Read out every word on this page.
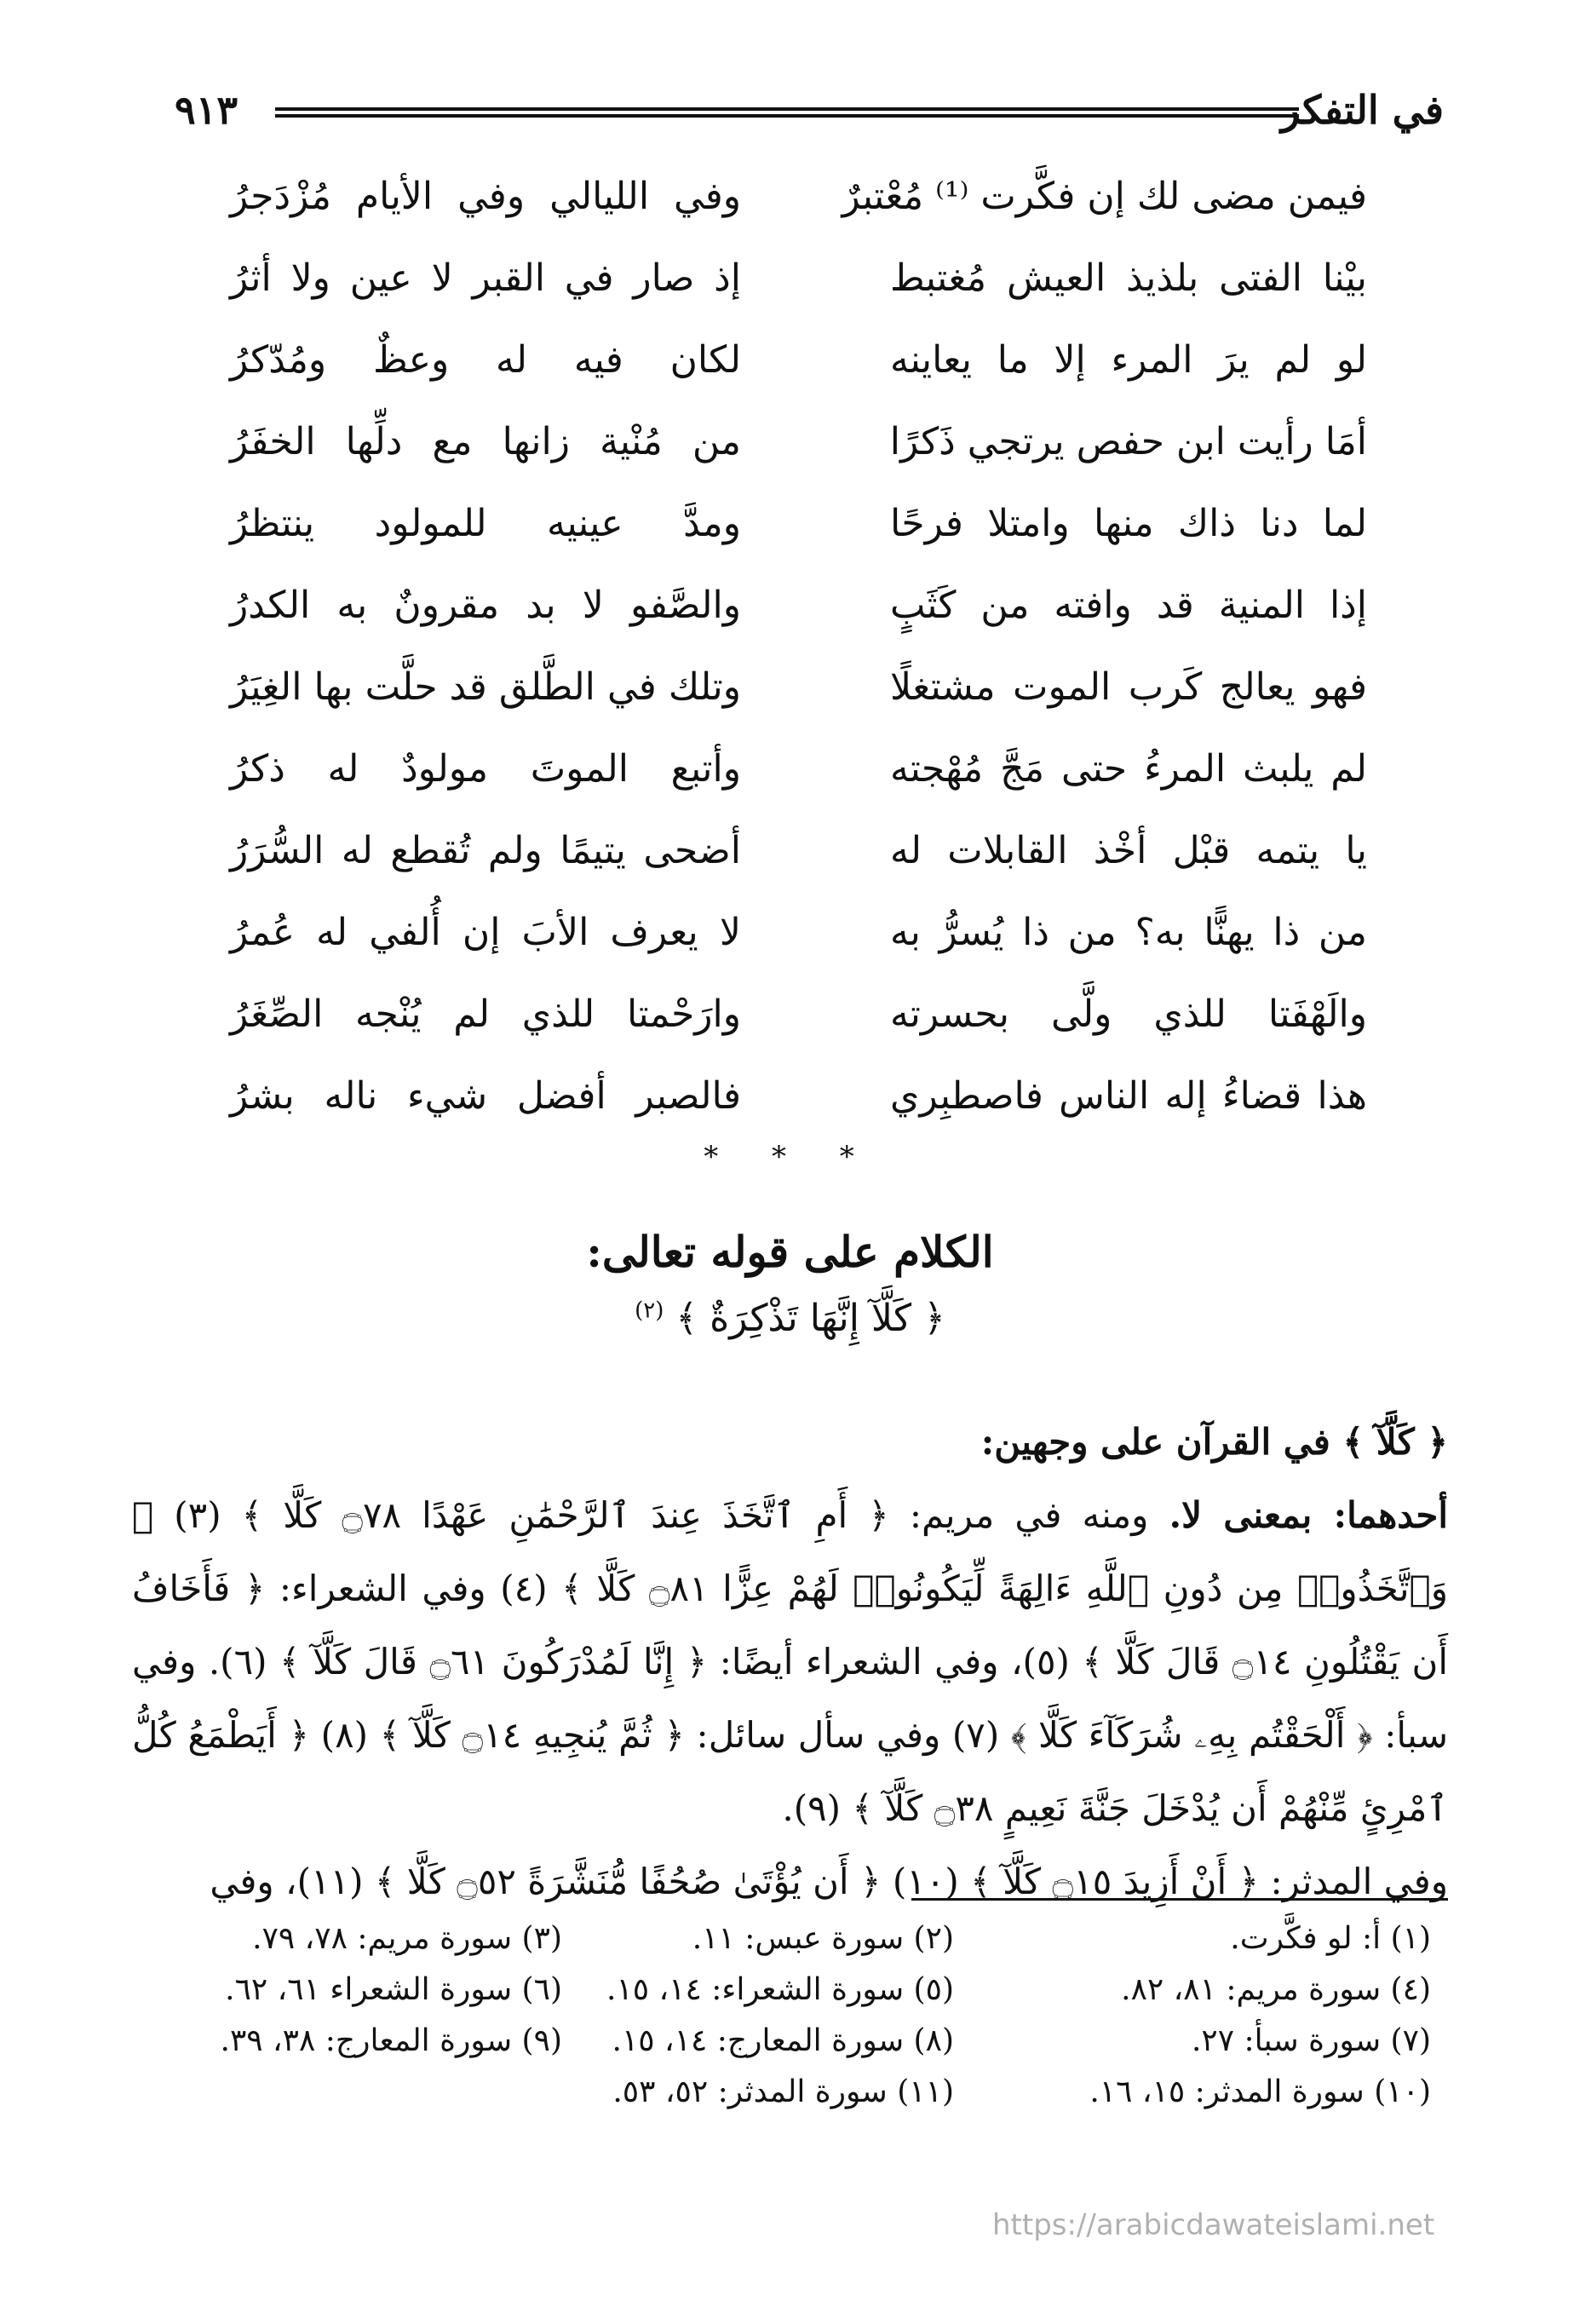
في التفكر
٩١٣
فيمن مضى لك إن فكَّرت ⁽¹⁾ مُعْتبرٌ
وفي الليالي وفي الأيام مُزْدَجرُ
بيْنا الفتى بلذيذ العيش مُغتبط
إذ صار في القبر لا عين ولا أثرُ
لو لم يرَ المرء إلا ما يعاينه
لكان فيه له وعظٌ ومُدّكرُ
أمَا رأيت ابن حفص يرتجي ذَكرًا
من مُنْية زانها مع دلِّها الخفَرُ
لما دنا ذاك منها وامتلا فرحًا
ومدَّ عينيه للمولود ينتظرُ
إذا المنية قد وافته من كَثَبٍ
والصَّفو لا بد مقرونٌ به الكدرُ
فهو يعالج كَرب الموت مشتغلًا
وتلك في الطَّلق قد حلَّت بها الغِيَرُ
لم يلبث المرءُ حتى مَجَّ مُهْجته
وأتبع الموتَ مولودٌ له ذكرُ
يا يتمه قبْل أخْذ القابلات له
أضحى يتيمًا ولم تُقطع له السُّرَرُ
من ذا يهنًّا به؟ من ذا يُسرُّ به
لا يعرف الأبَ إن أُلفي له عُمرُ
والَهْفَتا للذي ولَّى بحسرته
وارَحْمتا للذي لم يُنْجه الصِّغَرُ
هذا قضاءُ إله الناس فاصطبِري
فالصبر أفضل شيء ناله بشرُ
* * *
الكلام على قوله تعالى:
﴿ كَلَّآ إِنَّهَا تَذْكِرَةٌ ﴾ $^{(٢)}$

﴿ كَلَّآ ﴾ في القرآن على وجهين:

أحدهما: بمعنى لا. ومنه في مريم: ﴿ أَمِ ٱتَّخَذَ عِندَ ٱلرَّحْمَٰنِ عَهْدًا ۝٧٨ كَلَّا ﴾ (٣) ﴿ وَٱتَّخَذُوا۟ مِن دُونِ ٱللَّهِ ءَالِهَةً لِّيَكُونُوا۟ لَهُمْ عِزًّا ۝٨١ كَلَّا ﴾ (٤) وفي الشعراء: ﴿ فَأَخَافُ أَن يَقْتُلُونِ ۝١٤ قَالَ كَلَّا ﴾ (٥)، وفي الشعراء أيضًا: ﴿ إِنَّا لَمُدْرَكُونَ ۝٦١ قَالَ كَلَّآ ﴾ (٦). وفي سبأ: ﴿ أَلْحَقْتُم بِهِۦ شُرَكَآءَ كَلَّا ﴾ (٧) وفي سأل سائل: ﴿ ثُمَّ يُنجِيهِ ۝١٤ كَلَّآ ﴾ (٨) ﴿ أَيَطْمَعُ كُلُّ ٱمْرِئٍ مِّنْهُمْ أَن يُدْخَلَ جَنَّةَ نَعِيمٍ ۝٣٨ كَلَّآ ﴾ (٩).

وفي المدثر: ﴿ أَنْ أَزِيدَ ۝١٥ كَلَّآ ﴾ (١٠) ﴿ أَن يُؤْتَىٰ صُحُفًا مُّنَشَّرَةً ۝٥٢ كَلَّا ﴾ (١١)، وفي

(١) أ: لو فكَّرت.
(٢) سورة عبس: ١١.
(٣) سورة مريم: ٧٨، ٧٩.
(٤) سورة مريم: ٨١، ٨٢.
(٥) سورة الشعراء: ١٤، ١٥.
(٦) سورة الشعراء ٦١، ٦٢.
(٧) سورة سبأ: ٢٧.
(٨) سورة المعارج: ١٤، ١٥.
(٩) سورة المعارج: ٣٨، ٣٩.
(١٠) سورة المدثر: ١٥، ١٦.
(١١) سورة المدثر: ٥٢، ٥٣.
https://arabicdawateislami.net
